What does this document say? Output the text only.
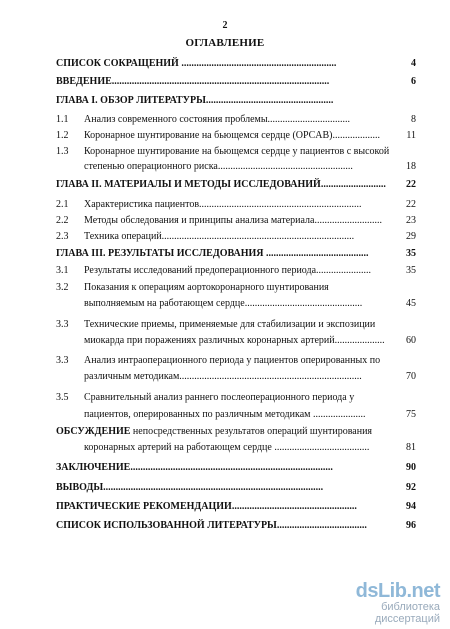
2
ОГЛАВЛЕНИЕ
СПИСОК СОКРАЩЕНИЙ ..............................................................	4
ВВЕДЕНИЕ.......................................................................................	6
ГЛАВА I. ОБЗОР ЛИТЕРАТУРЫ...................................................
1.1 Анализ современного состояния проблемы.................................	8
1.2 Коронарное шунтирование на бьющемся сердце (OPCAB)...................	11
1.3 Коронарное шунтирование на бьющемся сердце у пациентов с высокой
степенью операционного риска......................................................	18
ГЛАВА II. МАТЕРИАЛЫ И МЕТОДЫ ИССЛЕДОВАНИЙ..........................	22
2.1 Характеристика пациентов.................................................................	22
2.2 Методы обследования и принципы анализа материала...........................	23
2.3 Техника операций.............................................................................	29
ГЛАВА III. РЕЗУЛЬТАТЫ ИССЛЕДОВАНИЯ .........................................	35
3.1 Результаты исследований предоперационного периода......................	35
3.2 Показания к операциям аортокоронарного шунтирования
выполняемым на работающем сердце...............................................	45
3.3 Технические приемы, применяемые для стабилизации и экспозиции
миокарда при поражениях различных коронарных артерий....................	60
3.3 Анализ интраоперационного периода у пациентов оперированных по
различным методикам.........................................................................	70
3.5 Сравнительный анализ раннего послеоперационного периода у
пациентов, оперированных по различным методикам .....................	75
ОБСУЖДЕНИЕ непосредственных результатов операций шунтирования
коронарных артерий на работающем сердце ......................................	81
ЗАКЛЮЧЕНИЕ.................................................................................	90
ВЫВОДЫ........................................................................................	92
ПРАКТИЧЕСКИЕ РЕКОМЕНДАЦИИ..................................................	94
СПИСОК ИСПОЛЬЗОВАННОЙ ЛИТЕРАТУРЫ....................................	96
dsLib.net
библиотека диссертаций
